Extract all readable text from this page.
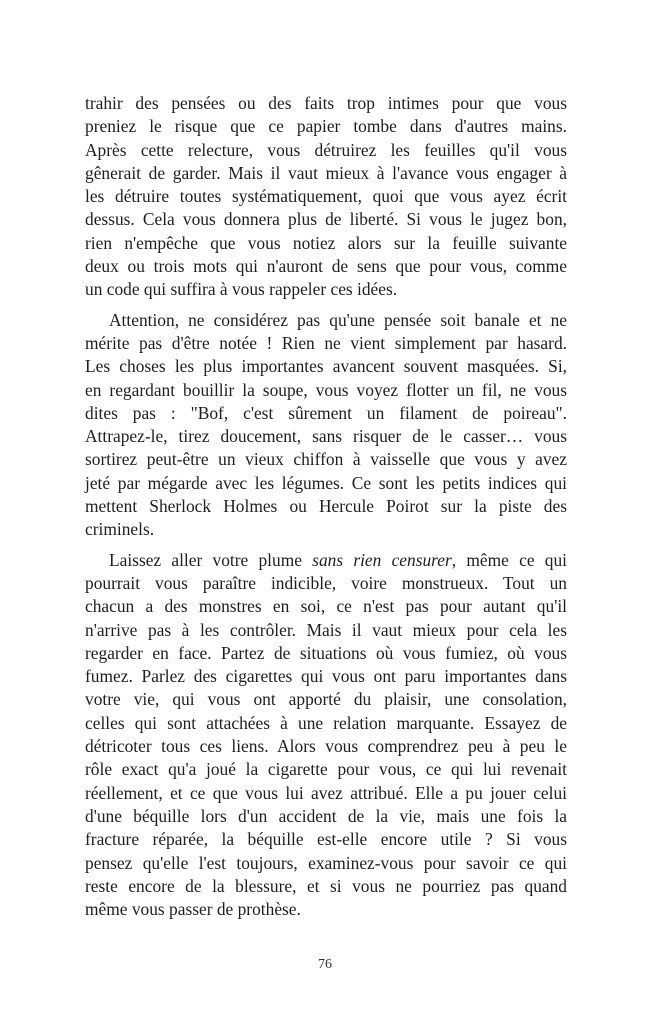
trahir des pensées ou des faits trop intimes pour que vous
preniez le risque que ce papier tombe dans d'autres mains.
Après cette relecture, vous détruirez les feuilles qu'il vous
gênerait de garder. Mais il vaut mieux à l'avance vous engager à
les détruire toutes systématiquement, quoi que vous ayez écrit
dessus. Cela vous donnera plus de liberté. Si vous le jugez bon,
rien n'empêche que vous notiez alors sur la feuille suivante
deux ou trois mots qui n'auront de sens que pour vous, comme
un code qui suffira à vous rappeler ces idées.

Attention, ne considérez pas qu'une pensée soit banale et ne
mérite pas d'être notée ! Rien ne vient simplement par hasard.
Les choses les plus importantes avancent souvent masquées. Si,
en regardant bouillir la soupe, vous voyez flotter un fil, ne vous
dites pas : "Bof, c'est sûrement un filament de poireau".
Attrapez-le, tirez doucement, sans risquer de le casser… vous
sortirez peut-être un vieux chiffon à vaisselle que vous y avez
jeté par mégarde avec les légumes. Ce sont les petits indices qui
mettent Sherlock Holmes ou Hercule Poirot sur la piste des
criminels.

Laissez aller votre plume sans rien censurer, même ce qui
pourrait vous paraître indicible, voire monstrueux. Tout un
chacun a des monstres en soi, ce n'est pas pour autant qu'il
n'arrive pas à les contrôler. Mais il vaut mieux pour cela les
regarder en face. Partez de situations où vous fumiez, où vous
fumez. Parlez des cigarettes qui vous ont paru importantes dans
votre vie, qui vous ont apporté du plaisir, une consolation,
celles qui sont attachées à une relation marquante. Essayez de
détricoter tous ces liens. Alors vous comprendrez peu à peu le
rôle exact qu'a joué la cigarette pour vous, ce qui lui revenait
réellement, et ce que vous lui avez attribué. Elle a pu jouer celui
d'une béquille lors d'un accident de la vie, mais une fois la
fracture réparée, la béquille est-elle encore utile ? Si vous
pensez qu'elle l'est toujours, examinez-vous pour savoir ce qui
reste encore de la blessure, et si vous ne pourriez pas quand
même vous passer de prothèse.

76
